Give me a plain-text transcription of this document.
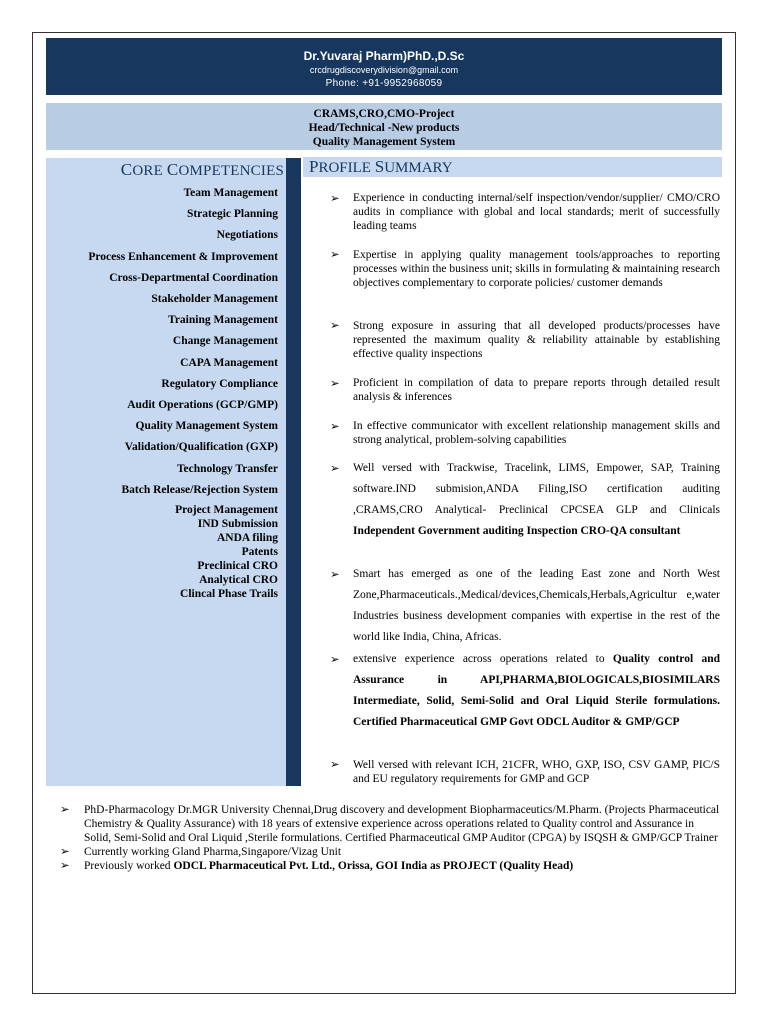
Dr.Yuvaraj Pharm)PhD.,D.Sc
crcdrugdiscoverydivision@gmail.com
Phone: +91-9952968059
CRAMS,CRO,CMO-Project
Head/Technical -New products
Quality Management System
CORE COMPETENCIES
Team Management
Strategic Planning
Negotiations
Process Enhancement & Improvement
Cross-Departmental Coordination
Stakeholder Management
Training Management
Change Management
CAPA Management
Regulatory Compliance
Audit Operations (GCP/GMP)
Quality Management System
Validation/Qualification (GXP)
Technology Transfer
Batch Release/Rejection System
Project Management
IND Submission
ANDA filing
Patents
Preclinical CRO
Analytical CRO
Clincal Phase Trails
PROFILE SUMMARY
➢ Experience in conducting internal/self inspection/vendor/supplier/ CMO/CRO audits in compliance with global and local standards; merit of successfully leading teams
➢ Expertise in applying quality management tools/approaches to reporting processes within the business unit; skills in formulating & maintaining research objectives complementary to corporate policies/ customer demands
➢ Strong exposure in assuring that all developed products/processes have represented the maximum quality & reliability attainable by establishing effective quality inspections
➢ Proficient in compilation of data to prepare reports through detailed result analysis & inferences
➢ In effective communicator with excellent relationship management skills and strong analytical, problem-solving capabilities
➢ Well versed with Trackwise, Tracelink, LIMS, Empower, SAP, Training software.IND submision,ANDA Filing,ISO certification auditing ,CRAMS,CRO Analytical- Preclinical CPCSEA GLP and Clinicals Independent Government auditing Inspection CRO-QA consultant
➢ Smart has emerged as one of the leading East zone and North West Zone,Pharmaceuticals.,Medical/devices,Chemicals,Herbals,Agricultur e,water Industries business development companies with expertise in the rest of the world like India, China, Africas.
➢ extensive experience across operations related to Quality control and Assurance in API,PHARMA,BIOLOGICALS,BIOSIMILARS Intermediate, Solid, Semi-Solid and Oral Liquid Sterile formulations. Certified Pharmaceutical GMP Govt ODCL Auditor & GMP/GCP
➢ Well versed with relevant ICH, 21CFR, WHO, GXP, ISO, CSV GAMP, PIC/S and EU regulatory requirements for GMP and GCP
➢ PhD-Pharmacology Dr.MGR University Chennai,Drug discovery and development Biopharmaceutics/M.Pharm. (Projects Pharmaceutical Chemistry & Quality Assurance) with 18 years of extensive experience across operations related to Quality control and Assurance in Solid, Semi-Solid and Oral Liquid ,Sterile formulations. Certified Pharmaceutical GMP Auditor (CPGA) by ISQSH & GMP/GCP Trainer
➢ Currently working Gland Pharma,Singapore/Vizag Unit
➢ Previously worked ODCL Pharmaceutical Pvt. Ltd., Orissa, GOI India as PROJECT (Quality Head)
